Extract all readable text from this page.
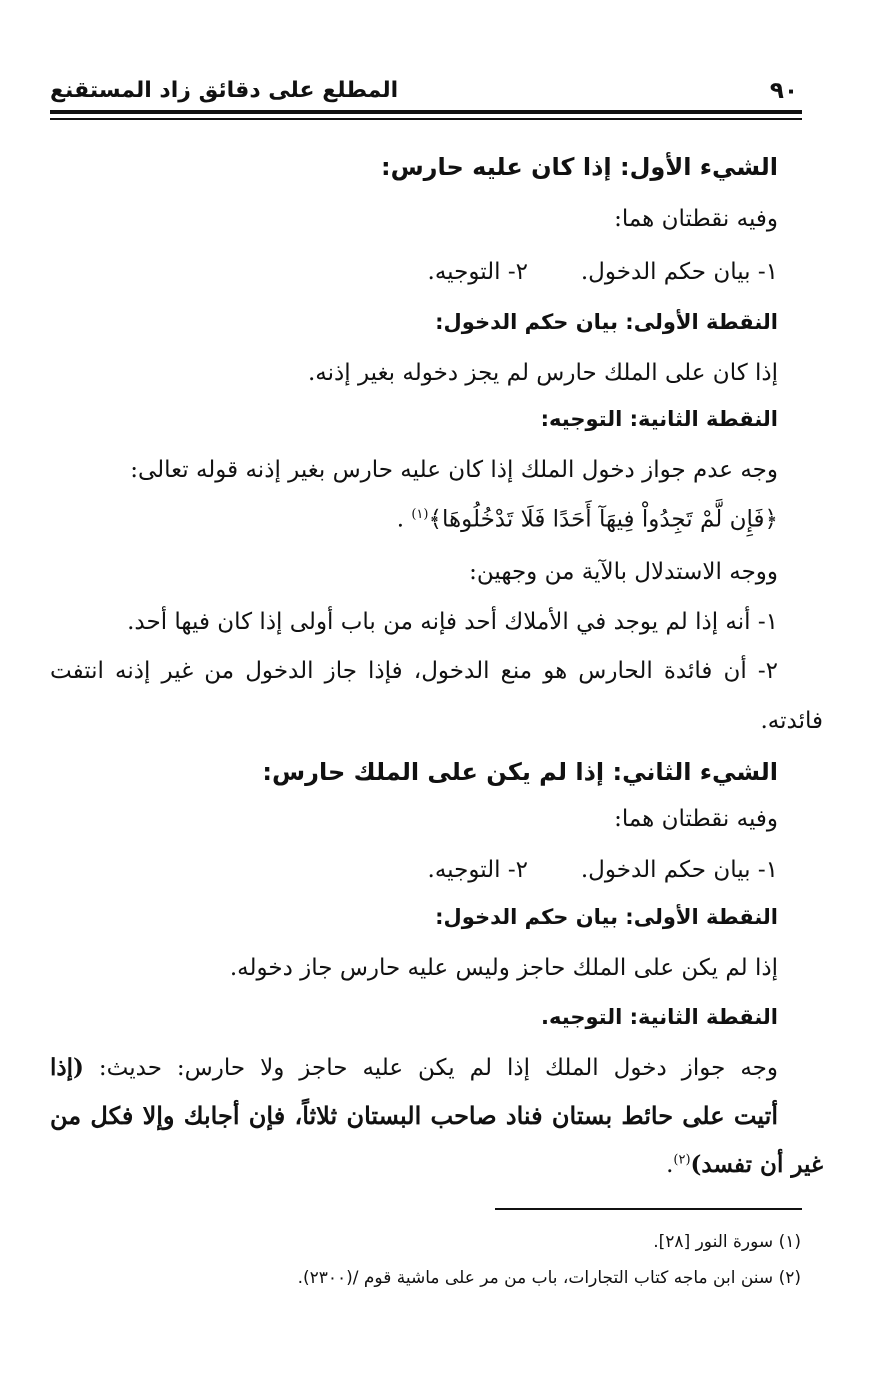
٩٠
المطلع على دقائق زاد المستقنع
الشيء الأول: إذا كان عليه حارس:
وفيه نقطتان هما:
١- بيان حكم الدخول.
٢- التوجيه.
النقطة الأولى: بيان حكم الدخول:
إذا كان على الملك حارس لم يجز دخوله بغير إذنه.
النقطة الثانية: التوجيه:
وجه عدم جواز دخول الملك إذا كان عليه حارس بغير إذنه قوله تعالى:
﴿فَإِن لَّمْ تَجِدُواْ فِيهَآ أَحَدًا فَلَا تَدْخُلُوهَا﴾$^{(١)}$ .
ووجه الاستدلال بالآية من وجهين:
١- أنه إذا لم يوجد في الأملاك أحد فإنه من باب أولى إذا كان فيها أحد.
٢- أن فائدة الحارس هو منع الدخول، فإذا جاز الدخول من غير إذنه انتفت
فائدته.
الشيء الثاني: إذا لم يكن على الملك حارس:
وفيه نقطتان هما:
١- بيان حكم الدخول.
٢- التوجيه.
النقطة الأولى: بيان حكم الدخول:
إذا لم يكن على الملك حاجز وليس عليه حارس جاز دخوله.
النقطة الثانية: التوجيه.
وجه جواز دخول الملك إذا لم يكن عليه حاجز ولا حارس: حديث: (إذا
أتيت على حائط بستان فناد صاحب البستان ثلاثاً، فإن أجابك وإلا فكل من
غير أن تفسد)$^{(٢)}$.
(١) سورة النور [٢٨].
(٢) سنن ابن ماجه كتاب التجارات، باب من مر على ماشية قوم /(٢٣٠٠).
